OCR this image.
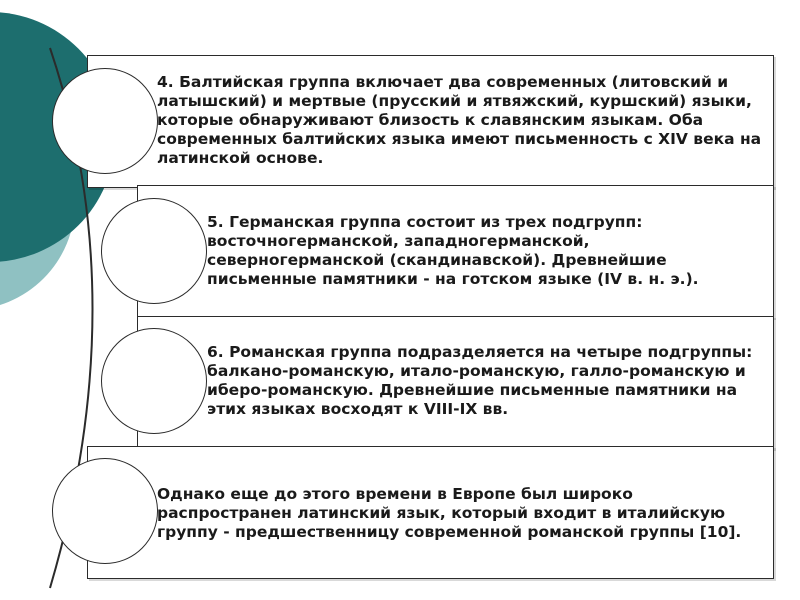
4. Балтийская группа включает два современных (литовский и латышский) и мертвые (прусский и ятвяжский, куршский) языки, которые обнаруживают близость к славянским языкам. Оба современных балтийских языка имеют письменность с XIV века на латинской основе.

5. Германская группа состоит из трех подгрупп: восточногерманской, западногерманской, северногерманской (скандинавской). Древнейшие письменные памятники - на готском языке (IV в. н. э.).

6. Романская группа подразделяется на четыре подгруппы: балкано-романскую, итало-романскую, галло-романскую и иберо-романскую. Древнейшие письменные памятники на этих языках восходят к VIII-IX вв.

Однако еще до этого времени в Европе был широко распространен латинский язык, который входит в италийскую группу - предшественницу современной романской группы [10].
